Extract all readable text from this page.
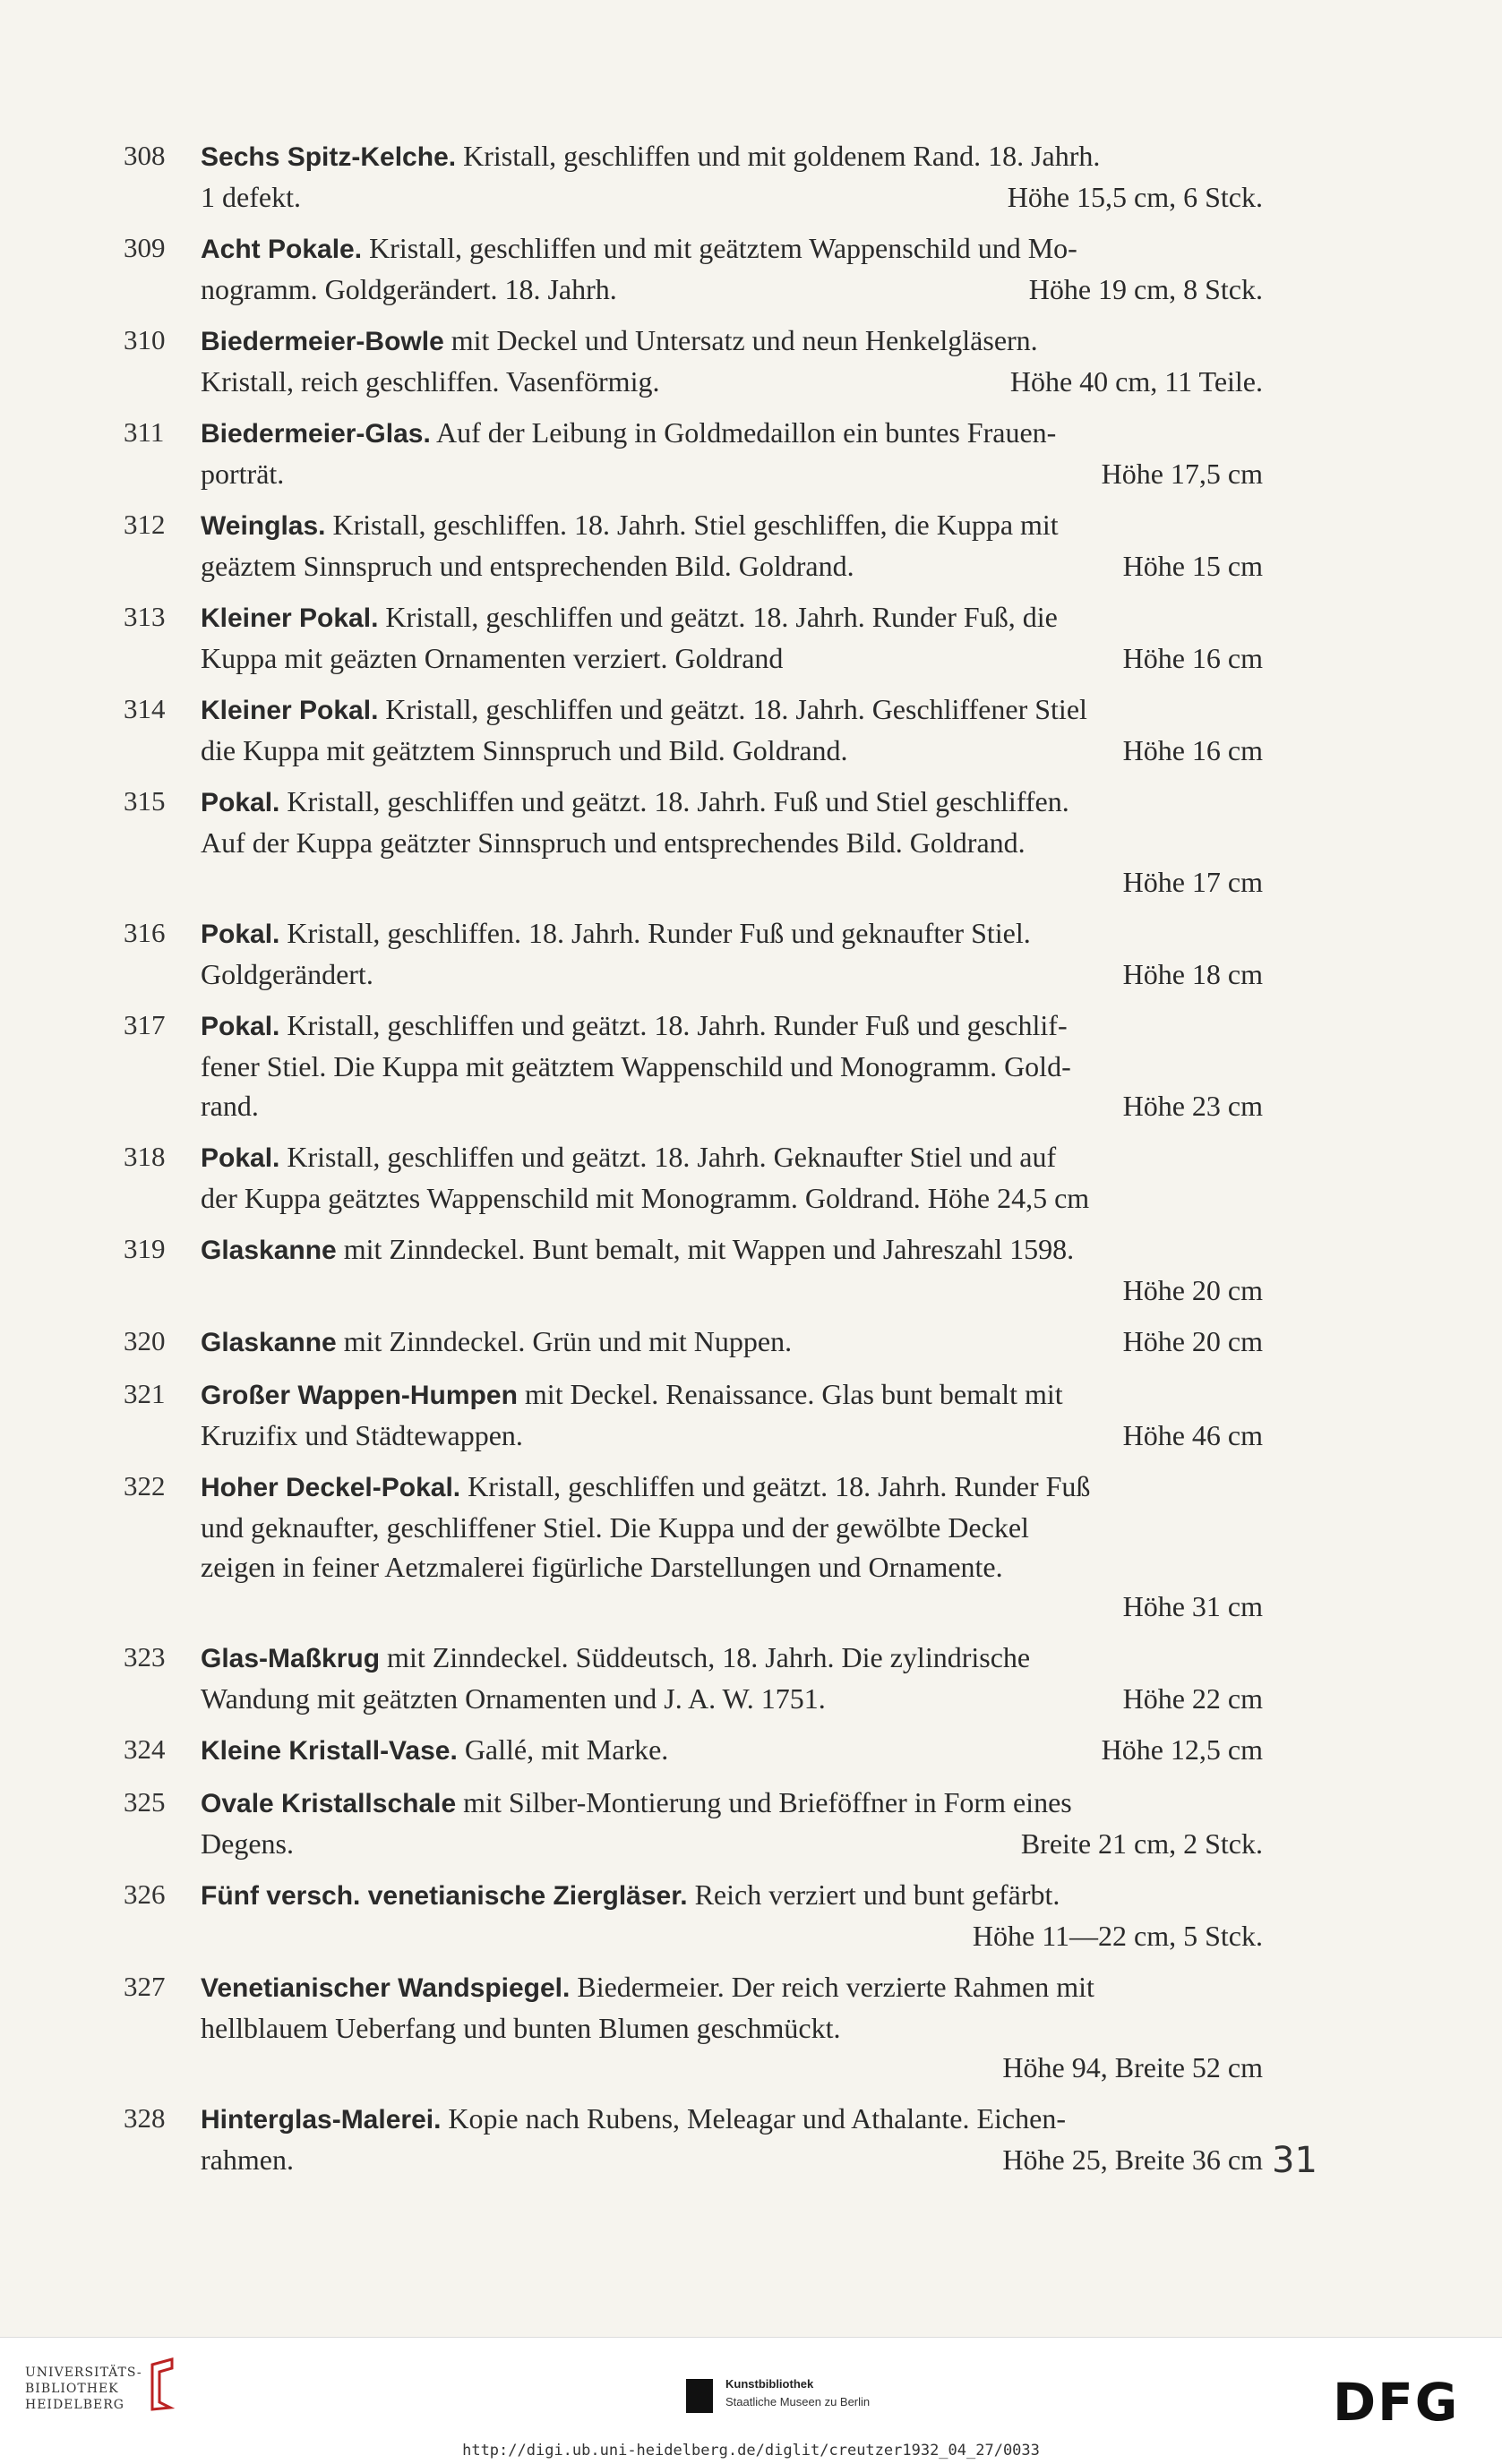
308	Sechs Spitz-Kelche. Kristall, geschliffen und mit goldenem Rand. 18. Jahrh.
1 defekt.	Höhe 15,5 cm, 6 Stck.
309	Acht Pokale. Kristall, geschliffen und mit geätztem Wappenschild und Mo-
nogramm. Goldgerändert. 18. Jahrh.	Höhe 19 cm, 8 Stck.
310	Biedermeier-Bowle mit Deckel und Untersatz und neun Henkelgläsern.
Kristall, reich geschliffen. Vasenförmig.	Höhe 40 cm, 11 Teile.
311	Biedermeier-Glas. Auf der Leibung in Goldmedaillon ein buntes Frauen-
porträt.	Höhe 17,5 cm
312	Weinglas. Kristall, geschliffen. 18. Jahrh. Stiel geschliffen, die Kuppa mit
geäztem Sinnspruch und entsprechenden Bild. Goldrand.	Höhe 15 cm
313	Kleiner Pokal. Kristall, geschliffen und geätzt. 18. Jahrh. Runder Fuß, die
Kuppa mit geäzten Ornamenten verziert. Goldrand	Höhe 16 cm
314	Kleiner Pokal. Kristall, geschliffen und geätzt. 18. Jahrh. Geschliffener Stiel
die Kuppa mit geätztem Sinnspruch und Bild. Goldrand.	Höhe 16 cm
315	Pokal. Kristall, geschliffen und geätzt. 18. Jahrh. Fuß und Stiel geschliffen.
Auf der Kuppa geätzter Sinnspruch und entsprechendes Bild. Goldrand.
Höhe 17 cm
316	Pokal. Kristall, geschliffen. 18. Jahrh. Runder Fuß und geknaufter Stiel.
Goldgerändert.	Höhe 18 cm
317	Pokal. Kristall, geschliffen und geätzt. 18. Jahrh. Runder Fuß und geschlif-
fener Stiel. Die Kuppa mit geätztem Wappenschild und Monogramm. Gold-
rand.	Höhe 23 cm
318	Pokal. Kristall, geschliffen und geätzt. 18. Jahrh. Geknaufter Stiel und auf
der Kuppa geätztes Wappenschild mit Monogramm. Goldrand. Höhe 24,5 cm
319	Glaskanne mit Zinndeckel. Bunt bemalt, mit Wappen und Jahreszahl 1598.
Höhe 20 cm
320	Glaskanne mit Zinndeckel. Grün und mit Nuppen.	Höhe 20 cm
321	Großer Wappen-Humpen mit Deckel. Renaissance. Glas bunt bemalt mit
Kruzifix und Städtewappen.	Höhe 46 cm
322	Hoher Deckel-Pokal. Kristall, geschliffen und geätzt. 18. Jahrh. Runder Fuß
und geknaufter, geschliffener Stiel. Die Kuppa und der gewölbte Deckel
zeigen in feiner Aetzmalerei figürliche Darstellungen und Ornamente.
Höhe 31 cm
323	Glas-Maßkrug mit Zinndeckel. Süddeutsch, 18. Jahrh. Die zylindrische
Wandung mit geätzten Ornamenten und J. A. W. 1751.	Höhe 22 cm
324	Kleine Kristall-Vase. Gallé, mit Marke.	Höhe 12,5 cm
325	Ovale Kristallschale mit Silber-Montierung und Brieföffner in Form eines
Degens.	Breite 21 cm, 2 Stck.
326	Fünf versch. venetianische Ziergläser. Reich verziert und bunt gefärbt.
Höhe 11—22 cm, 5 Stck.
327	Venetianischer Wandspiegel. Biedermeier. Der reich verzierte Rahmen mit
hellblauem Ueberfang und bunten Blumen geschmückt.
Höhe 94, Breite 52 cm
328	Hinterglas-Malerei. Kopie nach Rubens, Meleagar und Athalante. Eichen-
rahmen.	Höhe 25, Breite 36 cm 31
UNIVERSITÄTS-
BIBLIOTHEK
HEIDELBERG
Kunstbibliothek
Staatliche Museen zu Berlin	DFG
http://digi.ub.uni-heidelberg.de/diglit/creutzer1932_04_27/0033
